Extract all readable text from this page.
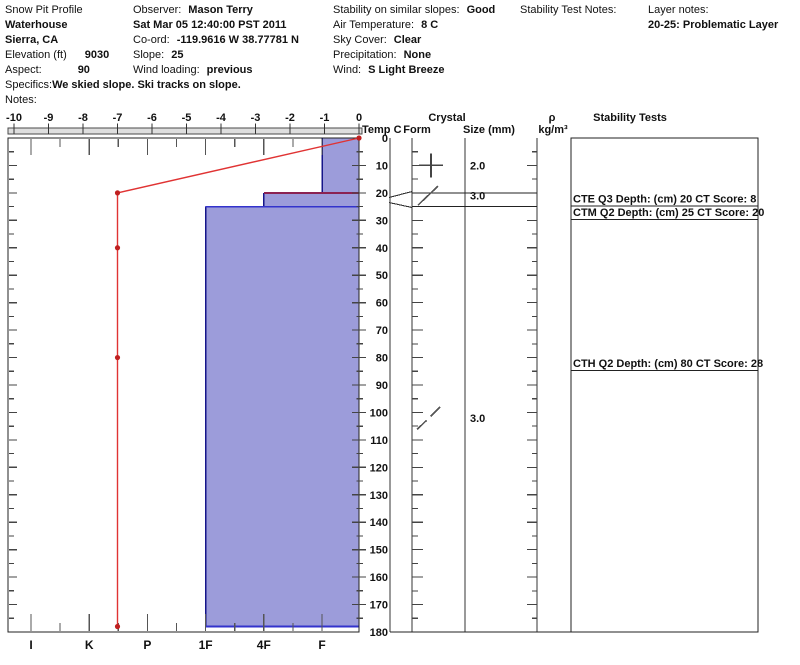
Snow Pit Profile
Waterhouse
Sierra, CA
Elevation (ft) 9030
Aspect:	90
Specifics:We skied slope. Ski tracks on slope.
Notes:
Observer: Mason Terry
Sat Mar 05 12:40:00 PST 2011
Co-ord: -119.9616 W 38.77781 N
Slope: 25
Wind loading: previous
Stability on similar slopes: Good
Air Temperature: 8 C
Sky Cover: Clear
Precipitation: None
Wind: S Light Breeze
Stability Test Notes:	Layer notes:
20-25: Problematic Layer
-10 -9 -8 -7 -6 -5 -4 -3 -2 -1 0
I	K	P	1F	4F	F
0
10
20
30
40
50
60
70
80
90
100
110
120
130
140
150
160
170
180
Temp C
Crystal
Form	Size (mm)
ρ
kg/m³
Stability Tests
2.0
3.0
3.0
CTE Q3 Depth: (cm) 20 CT Score: 8
CTM Q2 Depth: (cm) 25 CT Score: 20
CTH Q2 Depth: (cm) 80 CT Score: 28
